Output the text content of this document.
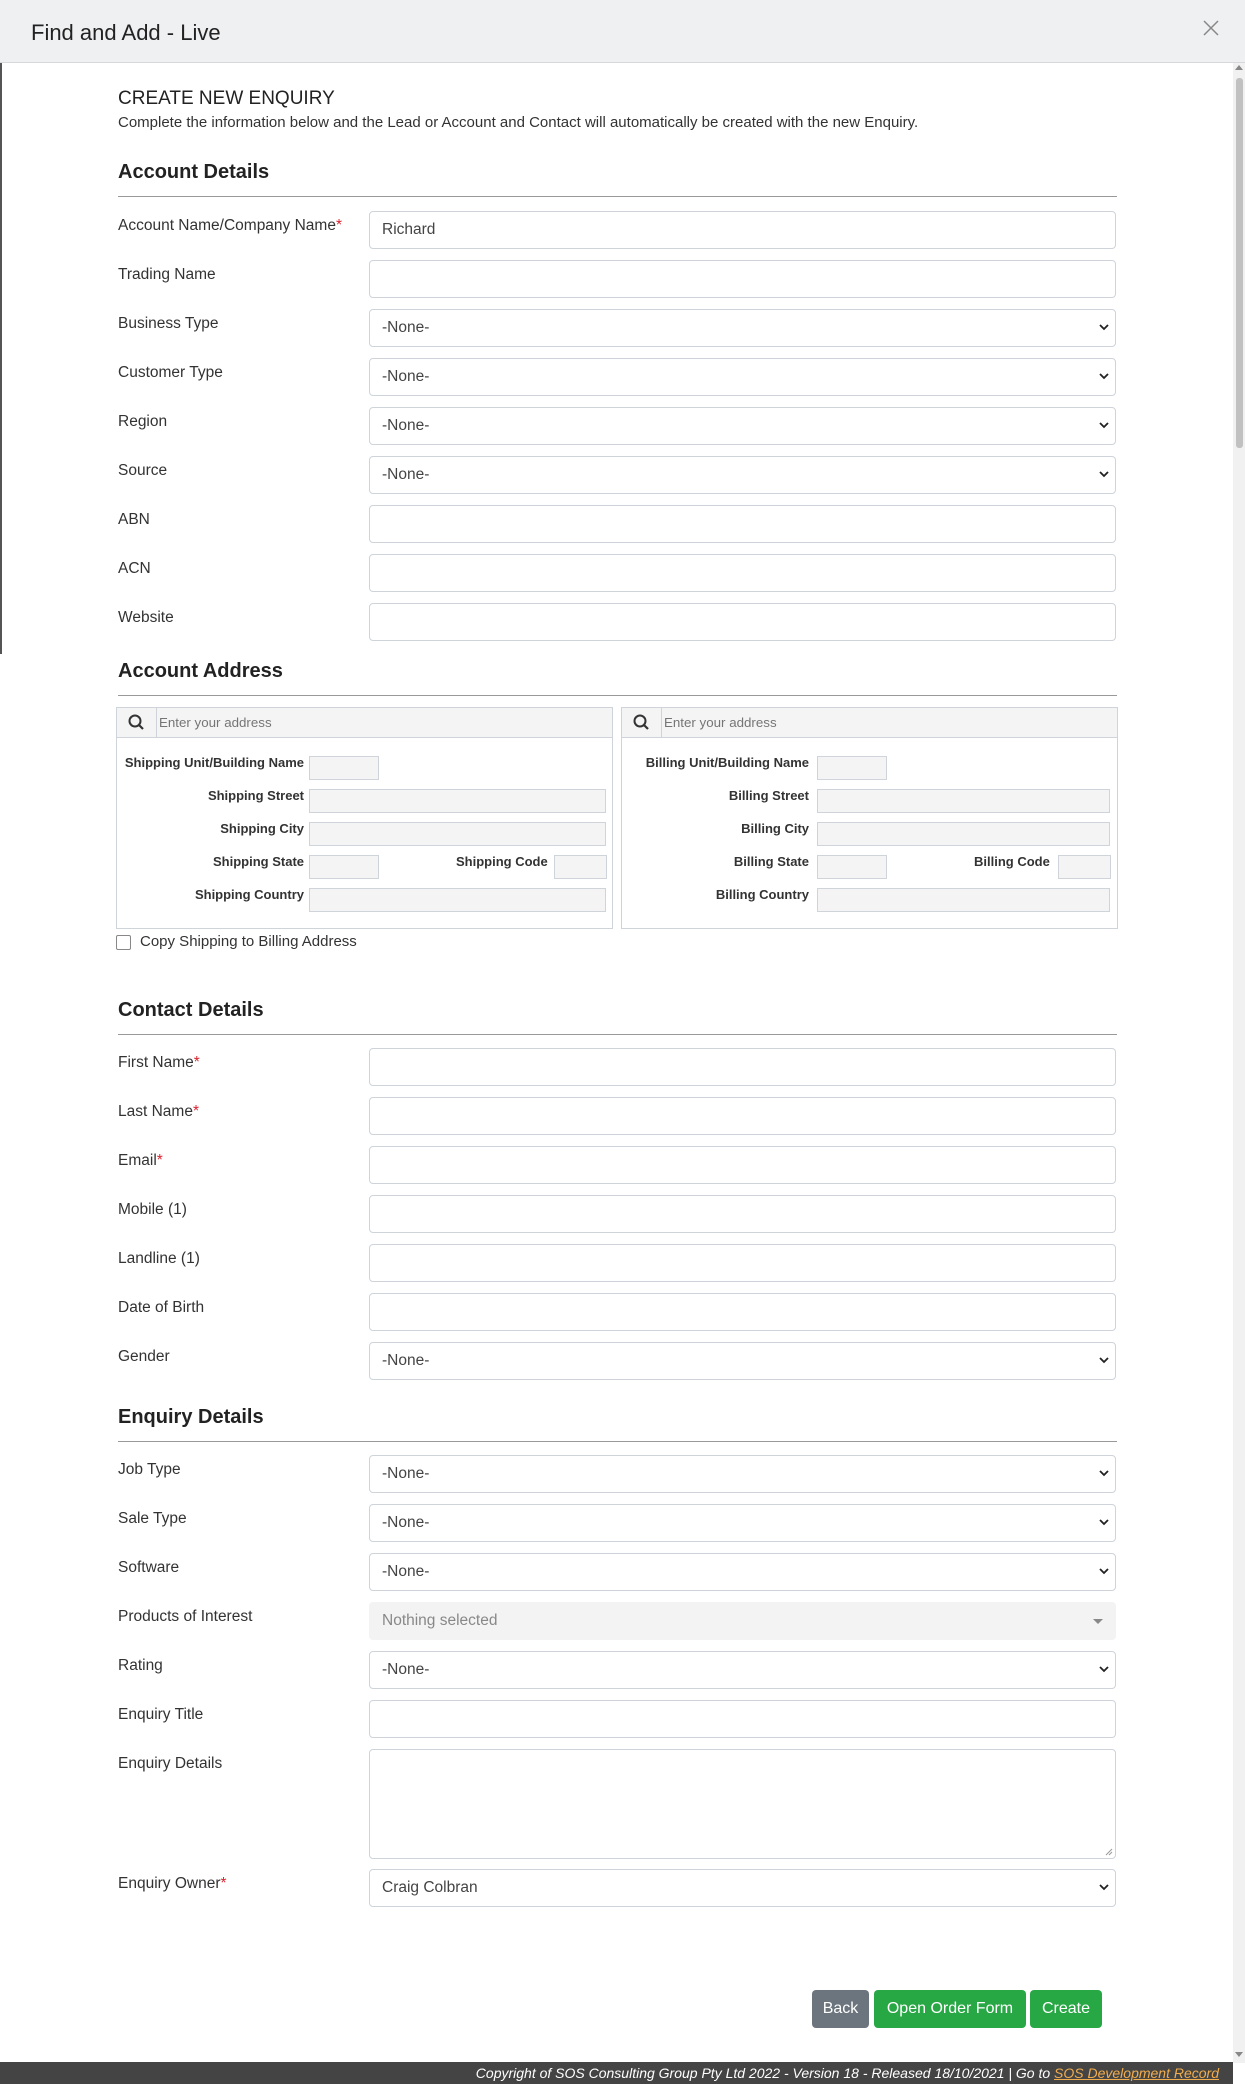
Find and Add - Live
CREATE NEW ENQUIRY
Complete the information below and the Lead or Account and Contact will automatically be created with the new Enquiry.
Account Details
Account Name/Company Name*	Richard
Trading Name
Business Type	-None-
Customer Type	-None-
Region	-None-
Source	-None-
ABN
ACN
Website
Account Address
Enter your address
Shipping Unit/Building Name
Shipping Street
Shipping City
Shipping State	Shipping Code
Shipping Country
Enter your address
Billing Unit/Building Name
Billing Street
Billing City
Billing State	Billing Code
Billing Country
Copy Shipping to Billing Address
Contact Details
First Name*
Last Name*
Email*
Mobile (1)
Landline (1)
Date of Birth
Gender	-None-
Enquiry Details
Job Type	-None-
Sale Type	-None-
Software	-None-
Products of Interest	Nothing selected
Rating	-None-
Enquiry Title
Enquiry Details
Enquiry Owner*	Craig Colbran
Back	Open Order Form	Create
Copyright of SOS Consulting Group Pty Ltd 2022 - Version 18 - Released 18/10/2021 | Go to SOS Development Record
